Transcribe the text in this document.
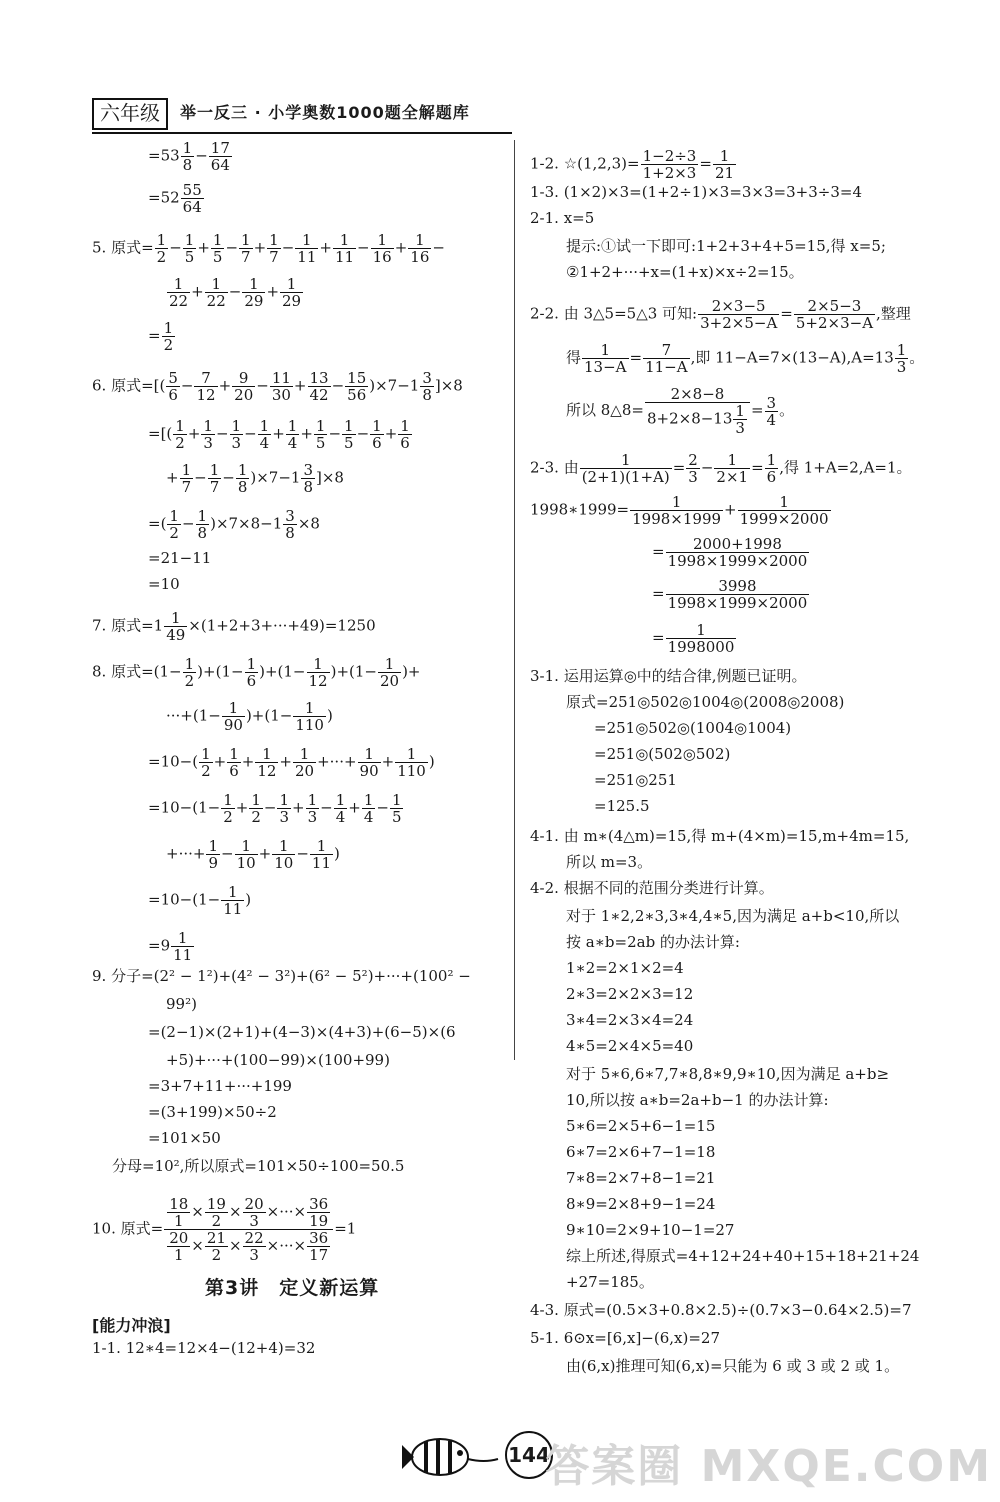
六年级	举一反三 · 小学奥数1000题全解题库
$=53 \frac{1}{8} - \frac{17}{64}$
$=52 \frac{55}{64}$
5. 原式= $\frac{1}{2} - \frac{1}{5} + \frac{1}{5} - \frac{1}{7} + \frac{1}{7} - \frac{1}{11} + \frac{1}{11} - \frac{1}{16} + \frac{1}{16}$ −
$\frac{1}{22} + \frac{1}{22} - \frac{1}{29} + \frac{1}{29}$
= $\frac{1}{2}$
6. 原式=[( $\frac{5}{6} - \frac{7}{12} + \frac{9}{20} - \frac{11}{30} + \frac{13}{42} - \frac{15}{56} )\times 7-1 \frac{3}{8} ]\times 8$
=[( $\frac{1}{2} + \frac{1}{3} - \frac{1}{3} - \frac{1}{4} + \frac{1}{4} + \frac{1}{5} - \frac{1}{5} - \frac{1}{6} + \frac{1}{6}$
+ $\frac{1}{7} - \frac{1}{7} - \frac{1}{8} )\times 7-1 \frac{3}{8} ]\times 8$
=( $\frac{1}{2} - \frac{1}{8} )\times 7\times 8-1 \frac{3}{8} \times 8$
=21−11
=10
7. 原式$=1 \frac{1}{49} \times(1+2+3+\cdot\cdot\cdot+49)=1250$
8. 原式$=(1- \frac{1}{2} )+(1- \frac{1}{6} )+(1- \frac{1}{12} )+(1- \frac{1}{20}$ )+
$\cdot\cdot\cdot+(1- \frac{1}{90} )+(1- \frac{1}{110}$ )
$=10-( \frac{1}{2} + \frac{1}{6} + \frac{1}{12} + \frac{1}{20}$ +···+ $\frac{1}{90} + \frac{1}{110}$ )
$=10-(1- \frac{1}{2} + \frac{1}{2} - \frac{1}{3} + \frac{1}{3} - \frac{1}{4} + \frac{1}{4} - \frac{1}{5}$
+···+ $\frac{1}{9} - \frac{1}{10} + \frac{1}{10} - \frac{1}{11}$ )
$=10-(1- \frac{1}{11}$ )
$=9 \frac{1}{11}$
9. 分子=(2² − 1²)+(4² − 3²)+(6² − 5²)+···+(100² −
99²)
=(2−1)×(2+1)+(4−3)×(4+3)+(6−5)×(6
+5)+···+(100−99)×(100+99)
=3+7+11+···+199
=(3+199)×50÷2
=101×50
分母=10²,所以原式=101×50÷100=50.5
10. 原式= $\frac{\frac{18}{1} \times \frac{19}{2} \times \frac{20}{3} \times\cdot\cdot\cdot\times \frac{36}{19}}{\frac{20}{1} \times \frac{21}{2} \times \frac{22}{3} \times\cdot\cdot\cdot\times \frac{36}{17}} =1$
第3讲　定义新运算
[能力冲浪]
1-1. 12∗4=12×4−(12+4)=32
1-2. ☆(1,2,3)= $\frac{1-2\div 3}{1+2\times 3} = \frac{1}{21}$
1-3. (1×2)×3=(1+2÷1)×3=3×3=3+3÷3=4
2-1. x=5
提示:①试一下即可:1+2+3+4+5=15,得 x=5;
②1+2+···+x=(1+x)×x÷2=15。
2-2. 由 3△5=5△3 可知: $\frac{2\times 3-5}{3+2\times 5-A} = \frac{2\times 5-3}{5+2\times 3-A}$ ,整理
得 $\frac{1}{13-A} = \frac{7}{11-A}$ ,即 $11-A=7\times(13-A),A=13 \frac{1}{3}$ 。
所以 8△8= $\frac{2\times 8-8}{8+2\times 8-13 \frac{1}{3}} = \frac{3}{4}$ 。
2-3. 由 $\frac{1}{(2+1)(1+A)} = \frac{2}{3} - \frac{1}{2\times 1} = \frac{1}{6}$ ,得 1+A=2,A=1。
1998∗1999= $\frac{1}{1998\times 1999} + \frac{1}{1999\times 2000}$
= $\frac{2000+1998}{1998\times 1999\times 2000}$
= $\frac{3998}{1998\times 1999\times 2000}$
= $\frac{1}{1998000}$
3-1. 运用运算◎中的结合律,例题已证明。
原式=251◎502◎1004◎(2008◎2008)
=251◎502◎(1004◎1004)
=251◎(502◎502)
=251◎251
=125.5
4-1. 由 m∗(4△m)=15,得 m+(4×m)=15,m+4m=15,
所以 m=3。
4-2. 根据不同的范围分类进行计算。
对于 1∗2,2∗3,3∗4,4∗5,因为满足 a+b<10,所以
按 a∗b=2ab 的办法计算:
1∗2=2×1×2=4
2∗3=2×2×3=12
3∗4=2×3×4=24
4∗5=2×4×5=40
对于 5∗6,6∗7,7∗8,8∗9,9∗10,因为满足 a+b≥
10,所以按 a∗b=2a+b−1 的办法计算:
5∗6=2×5+6−1=15
6∗7=2×6+7−1=18
7∗8=2×7+8−1=21
8∗9=2×8+9−1=24
9∗10=2×9+10−1=27
综上所述,得原式=4+12+24+40+15+18+21+24
+27=185。
4-3. 原式=(0.5×3+0.8×2.5)÷(0.7×3−0.64×2.5)=7
5-1. 6⊙x=[6,x]−(6,x)=27
由(6,x)推理可知(6,x)=只能为 6 或 3 或 2 或 1。
144
答案圈 MXQE.COM
